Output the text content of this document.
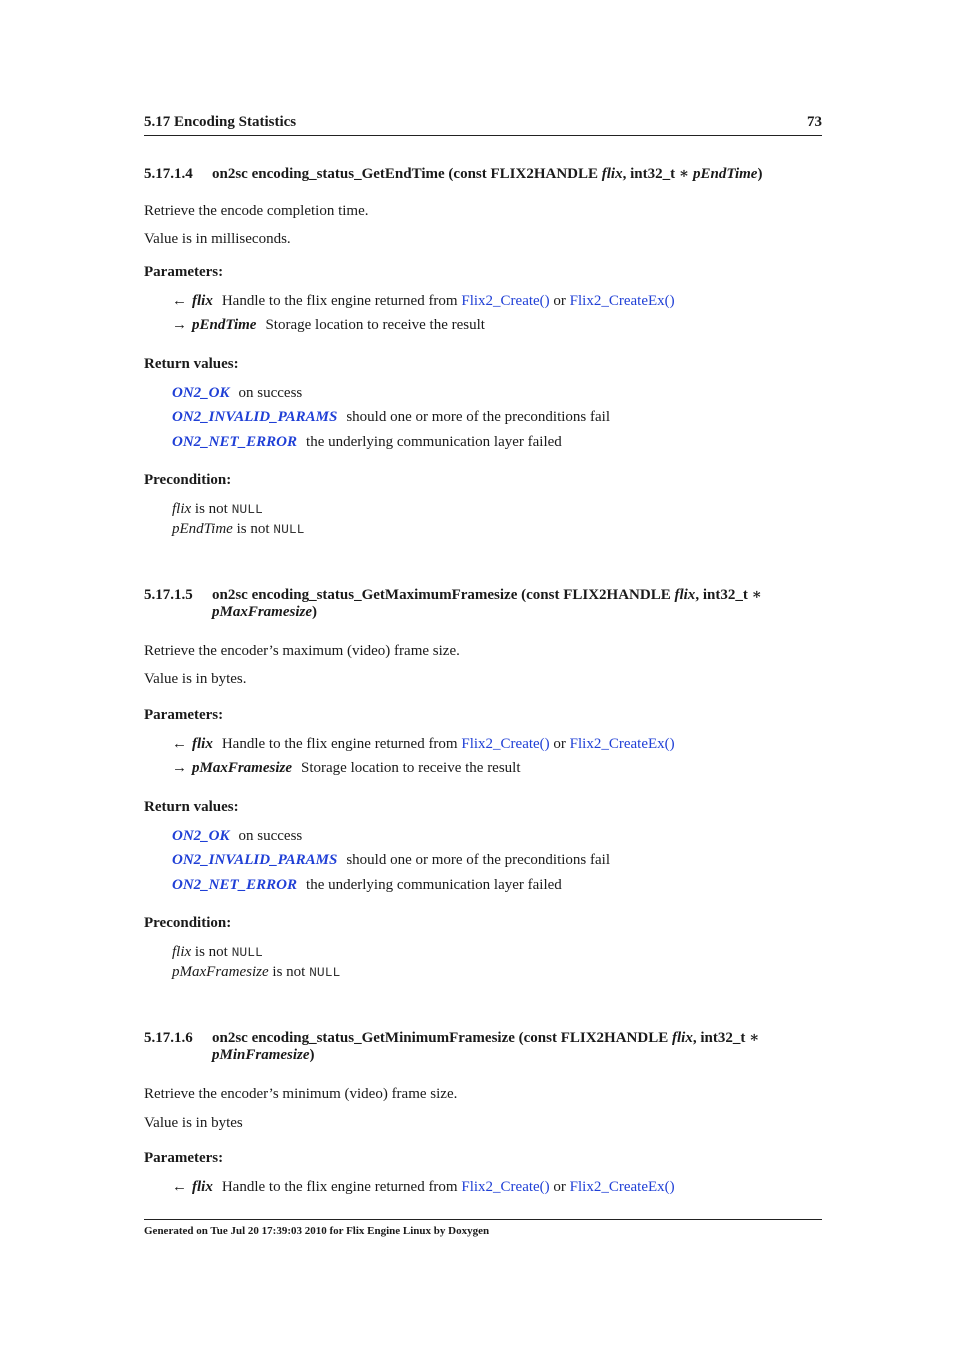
5.17 Encoding Statistics	73
5.17.1.4 on2sc encoding_status_GetEndTime (const FLIX2HANDLE flix, int32_t ∗ pEndTime)
Retrieve the encode completion time.
Value is in milliseconds.
Parameters:
← flix Handle to the flix engine returned from Flix2_Create() or Flix2_CreateEx()
→ pEndTime Storage location to receive the result
Return values:
ON2_OK on success
ON2_INVALID_PARAMS should one or more of the preconditions fail
ON2_NET_ERROR the underlying communication layer failed
Precondition:
flix is not NULL
pEndTime is not NULL
5.17.1.5 on2sc encoding_status_GetMaximumFramesize (const FLIX2HANDLE flix, int32_t ∗
pMaxFramesize)
Retrieve the encoder’s maximum (video) frame size.
Value is in bytes.
Parameters:
← flix Handle to the flix engine returned from Flix2_Create() or Flix2_CreateEx()
→ pMaxFramesize Storage location to receive the result
Return values:
ON2_OK on success
ON2_INVALID_PARAMS should one or more of the preconditions fail
ON2_NET_ERROR the underlying communication layer failed
Precondition:
flix is not NULL
pMaxFramesize is not NULL
5.17.1.6 on2sc encoding_status_GetMinimumFramesize (const FLIX2HANDLE flix, int32_t ∗
pMinFramesize)
Retrieve the encoder’s minimum (video) frame size.
Value is in bytes
Parameters:
← flix Handle to the flix engine returned from Flix2_Create() or Flix2_CreateEx()
Generated on Tue Jul 20 17:39:03 2010 for Flix Engine Linux by Doxygen
